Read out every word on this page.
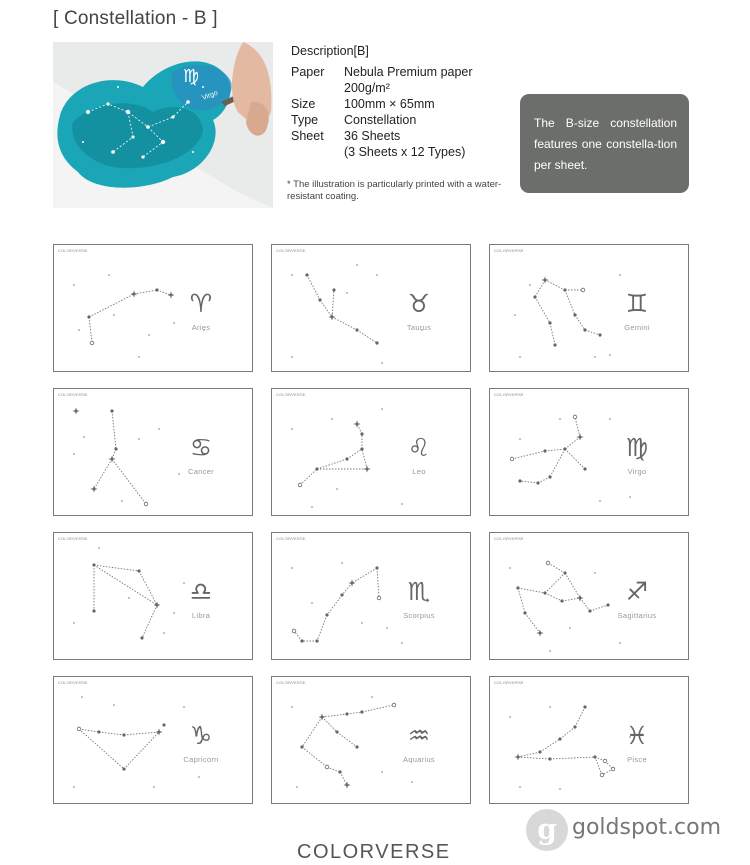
[ Constellation - B ]
♍
Virgo
Description[B]
Paper	Nebula Premium paper
	200g/m²
Size	100mm × 65mm
Type	Constellation
Sheet	36 Sheets
	(3 Sheets x 12 Types)
* The illustration is particularly printed with a water-resistant coating.
The B-size constellation features one constella-tion per sheet.
COLORVERSE
♈
Aries
COLORVERSE
♉
Taurus
COLORVERSE
♊
Gemini
COLORVERSE
♋
Cancer
COLORVERSE
♌
Leo
COLORVERSE
♍
Virgo
COLORVERSE
♎
Libra
COLORVERSE
♏
Scorpius
COLORVERSE
♐
Sagittarius
COLORVERSE
♑
Capricorn
COLORVERSE
♒
Aquarius
COLORVERSE
♓
Pisce
COLORVERSE
g goldspot.com
